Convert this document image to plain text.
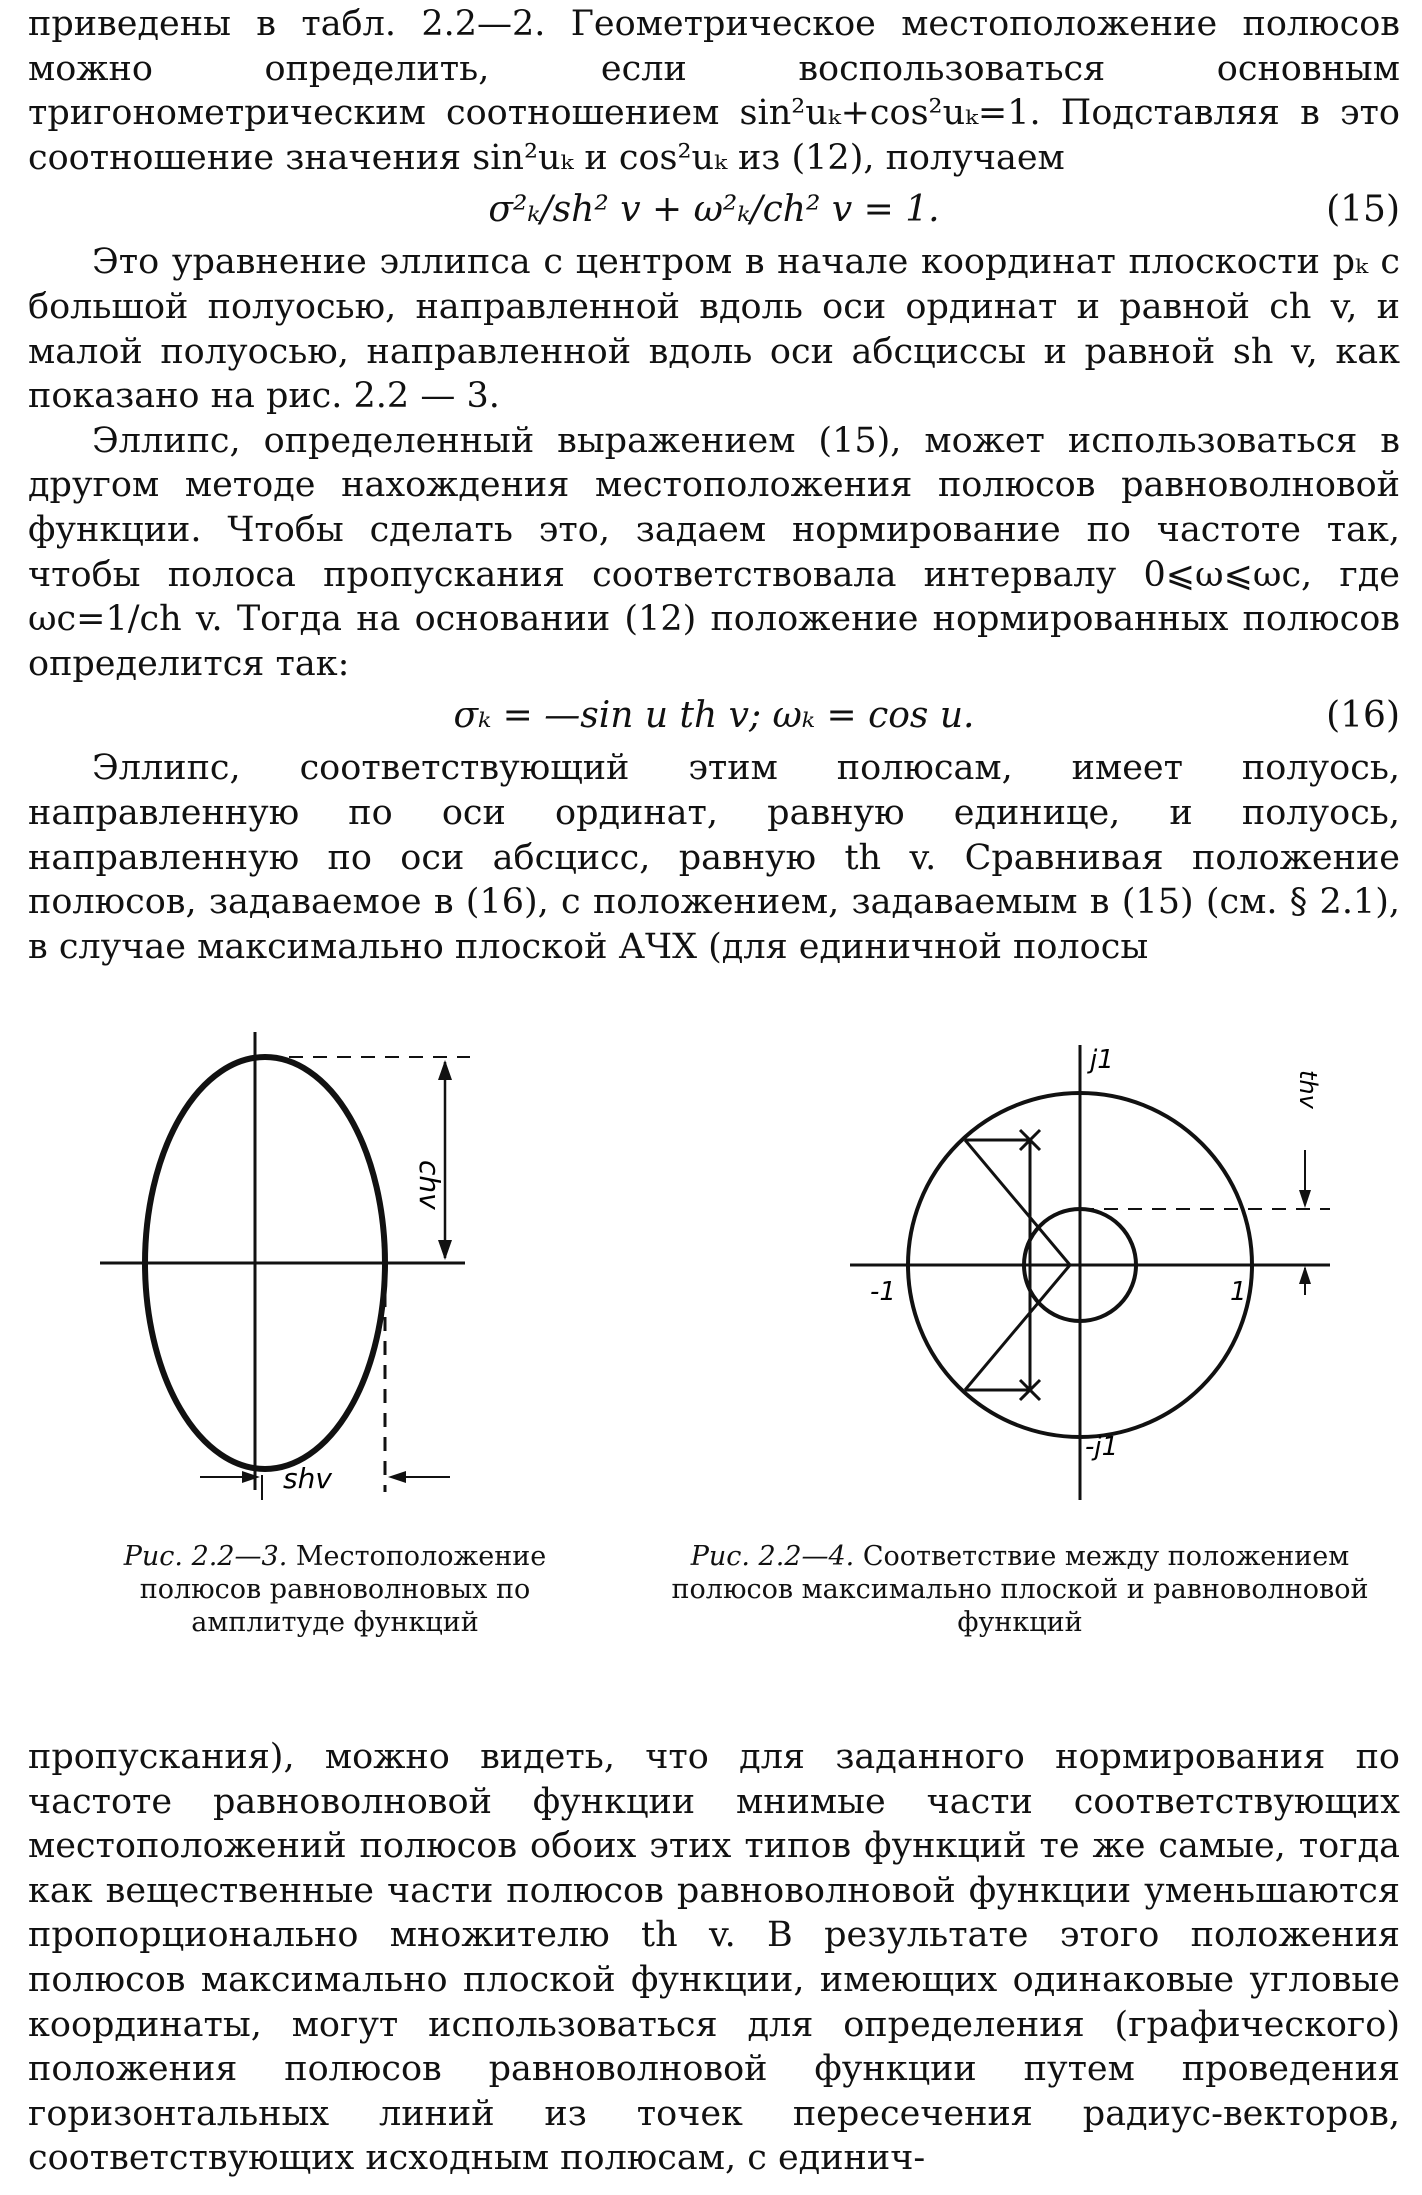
приведены в табл. 2.2—2. Геометрическое местоположение полюсов можно определить, если воспользоваться основным тригонометрическим соотношением sin²uₖ+cos²uₖ=1. Подставляя в это соотношение значения sin²uₖ и cos²uₖ из (12), получаем

σ²ₖ/sh² v + ω²ₖ/ch² v = 1.	(15)

Это уравнение эллипса с центром в начале координат плоскости pₖ с большой полуосью, направленной вдоль оси ординат и равной ch v, и малой полуосью, направленной вдоль оси абсциссы и равной sh v, как показано на рис. 2.2 — 3.

Эллипс, определенный выражением (15), может использоваться в другом методе нахождения местоположения полюсов равноволновой функции. Чтобы сделать это, задаем нормирование по частоте так, чтобы полоса пропускания соответствовала интервалу 0⩽ω⩽ωc, где ωc=1/ch v. Тогда на основании (12) положение нормированных полюсов определится так:

σₖ = —sin u th v; ωₖ = cos u.	(16)

Эллипс, соответствующий этим полюсам, имеет полуось, направленную по оси ординат, равную единице, и полуось, направленную по оси абсцисс, равную th v. Сравнивая положение полюсов, задаваемое в (16), с положением, задаваемым в (15) (см. § 2.1), в случае максимально плоской АЧХ (для единичной полосы

chv
shv
Рис. 2.2—3. Местоположение полюсов равноволновых по амплитуде функций
thv
j1
-j1
-1	1
Рис. 2.2—4. Соответствие между положением полюсов максимально плоской и равноволновой функций

пропускания), можно видеть, что для заданного нормирования по частоте равноволновой функции мнимые части соответствующих местоположений полюсов обоих этих типов функций те же самые, тогда как вещественные части полюсов равноволновой функции уменьшаются пропорционально множителю th v. В результате этого положения полюсов максимально плоской функции, имеющих одинаковые угловые координаты, могут использоваться для определения (графического) положения полюсов равноволновой функции путем проведения горизонтальных линий из точек пересечения радиус-векторов, соответствующих исходным полюсам, с единич-
